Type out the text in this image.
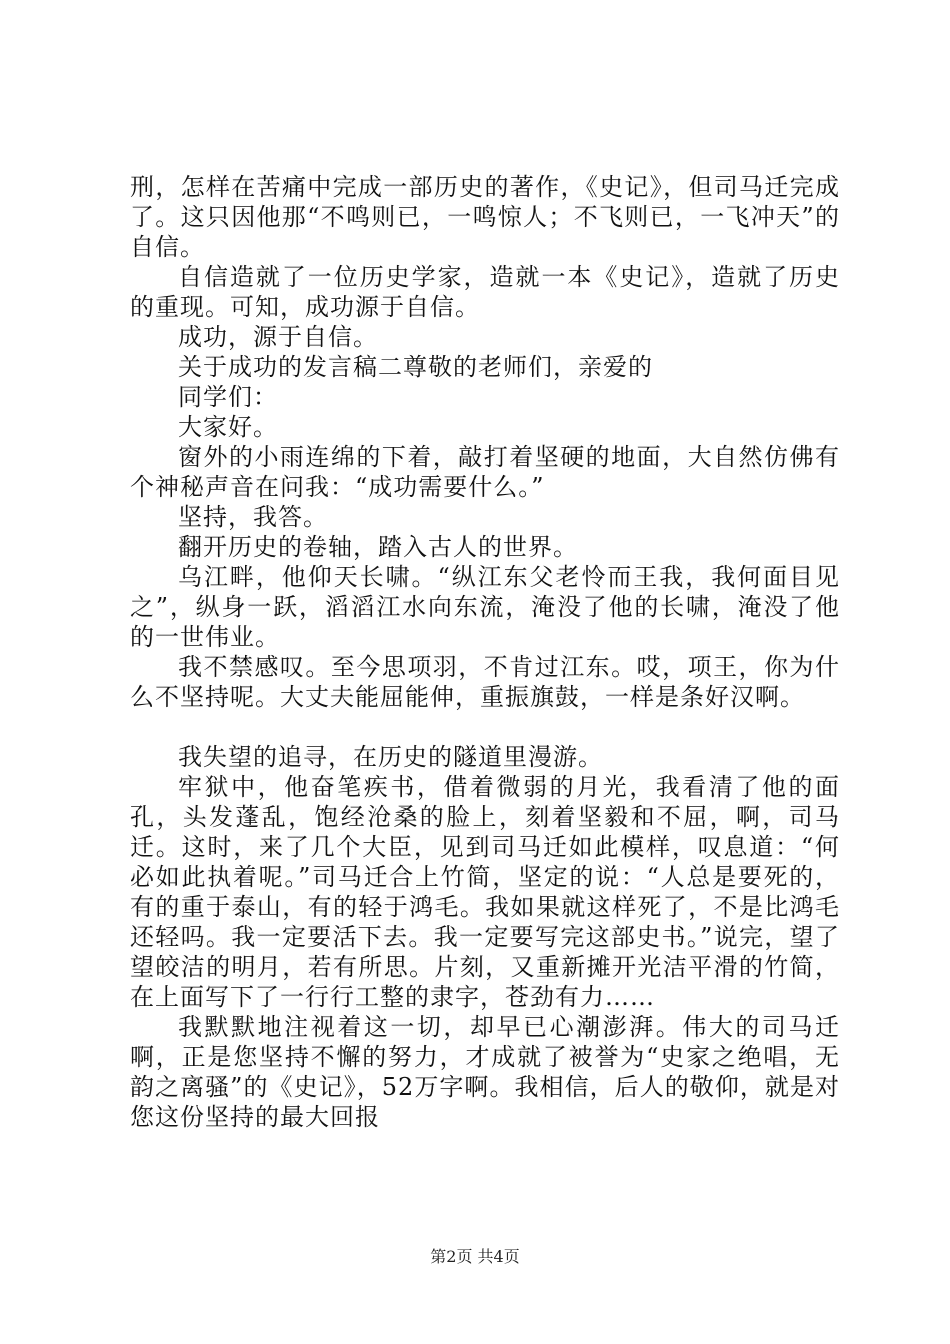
刑，怎样在苦痛中完成一部历史的著作，《史记》，但司马迁完成了。这只因他那“不鸣则已，一鸣惊人；不飞则已，一飞冲天”的自信。

自信造就了一位历史学家，造就一本《史记》，造就了历史的重现。可知，成功源于自信。

成功，源于自信。

关于成功的发言稿二尊敬的老师们，亲爱的

同学们：

大家好。

窗外的小雨连绵的下着，敲打着坚硬的地面，大自然仿佛有个神秘声音在问我：“成功需要什么。”

坚持，我答。

翻开历史的卷轴，踏入古人的世界。

乌江畔，他仰天长啸。“纵江东父老怜而王我，我何面目见之”，纵身一跃，滔滔江水向东流，淹没了他的长啸，淹没了他的一世伟业。

我不禁感叹。至今思项羽，不肯过江东。哎，项王，你为什么不坚持呢。大丈夫能屈能伸，重振旗鼓，一样是条好汉啊。

我失望的追寻，在历史的隧道里漫游。

牢狱中，他奋笔疾书，借着微弱的月光，我看清了他的面孔，头发蓬乱，饱经沧桑的脸上，刻着坚毅和不屈，啊，司马迁。这时，来了几个大臣，见到司马迁如此模样，叹息道：“何必如此执着呢。”司马迁合上竹简，坚定的说：“人总是要死的，有的重于泰山，有的轻于鸿毛。我如果就这样死了，不是比鸿毛还轻吗。我一定要活下去。我一定要写完这部史书。”说完，望了望皎洁的明月，若有所思。片刻，又重新摊开光洁平滑的竹简，在上面写下了一行行工整的隶字，苍劲有力……

我默默地注视着这一切，却早已心潮澎湃。伟大的司马迁啊，正是您坚持不懈的努力，才成就了被誉为“史家之绝唱，无韵之离骚”的《史记》，52万字啊。我相信，后人的敬仰，就是对您这份坚持的最大回报

第2页 共4页
